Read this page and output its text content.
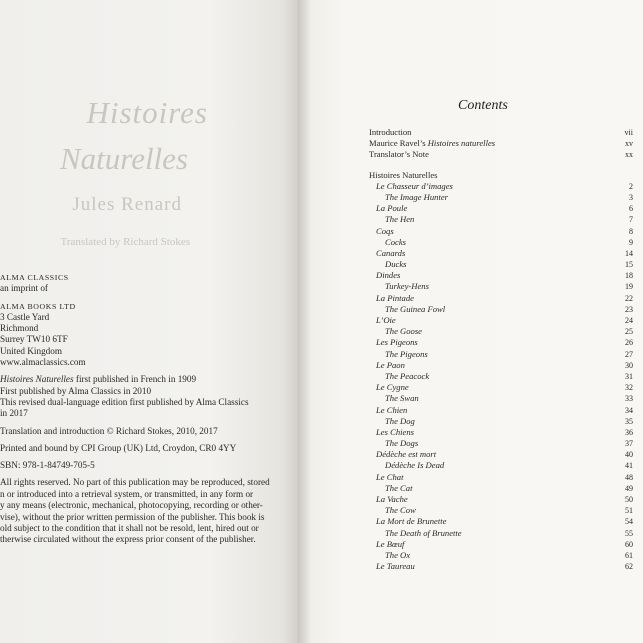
Histoires
Naturelles
Jules Renard
Translated by Richard Stokes
ALMA CLASSICS
an imprint of
ALMA BOOKS LTD
3 Castle Yard
Richmond
Surrey TW10 6TF
United Kingdom
www.almaclassics.com
Histoires Naturelles first published in French in 1909
First published by Alma Classics in 2010
This revised dual-language edition first published by Alma Classics
in 2017
Translation and introduction © Richard Stokes, 2010, 2017
Printed and bound by CPI Group (UK) Ltd, Croydon, CR0 4YY
SBN: 978-1-84749-705-5
All rights reserved. No part of this publication may be reproduced, stored
n or introduced into a retrieval system, or transmitted, in any form or
y any means (electronic, mechanical, photocopying, recording or other-
vise), without the prior written permission of the publisher. This book is
old subject to the condition that it shall not be resold, lent, hired out or
therwise circulated without the express prior consent of the publisher.
Contents
Introduction	vii
Maurice Ravel’s Histoires naturelles	xv
Translator’s Note	xx
Histoires Naturelles
Le Chasseur d’images	2
The Image Hunter	3
La Poule	6
The Hen	7
Coqs	8
Cocks	9
Canards	14
Ducks	15
Dindes	18
Turkey-Hens	19
La Pintade	22
The Guinea Fowl	23
L’Oie	24
The Goose	25
Les Pigeons	26
The Pigeons	27
Le Paon	30
The Peacock	31
Le Cygne	32
The Swan	33
Le Chien	34
The Dog	35
Les Chiens	36
The Dogs	37
Dédèche est mort	40
Dédèche Is Dead	41
Le Chat	48
The Cat	49
La Vache	50
The Cow	51
La Mort de Brunette	54
The Death of Brunette	55
Le Bœuf	60
The Ox	61
Le Taureau	62
